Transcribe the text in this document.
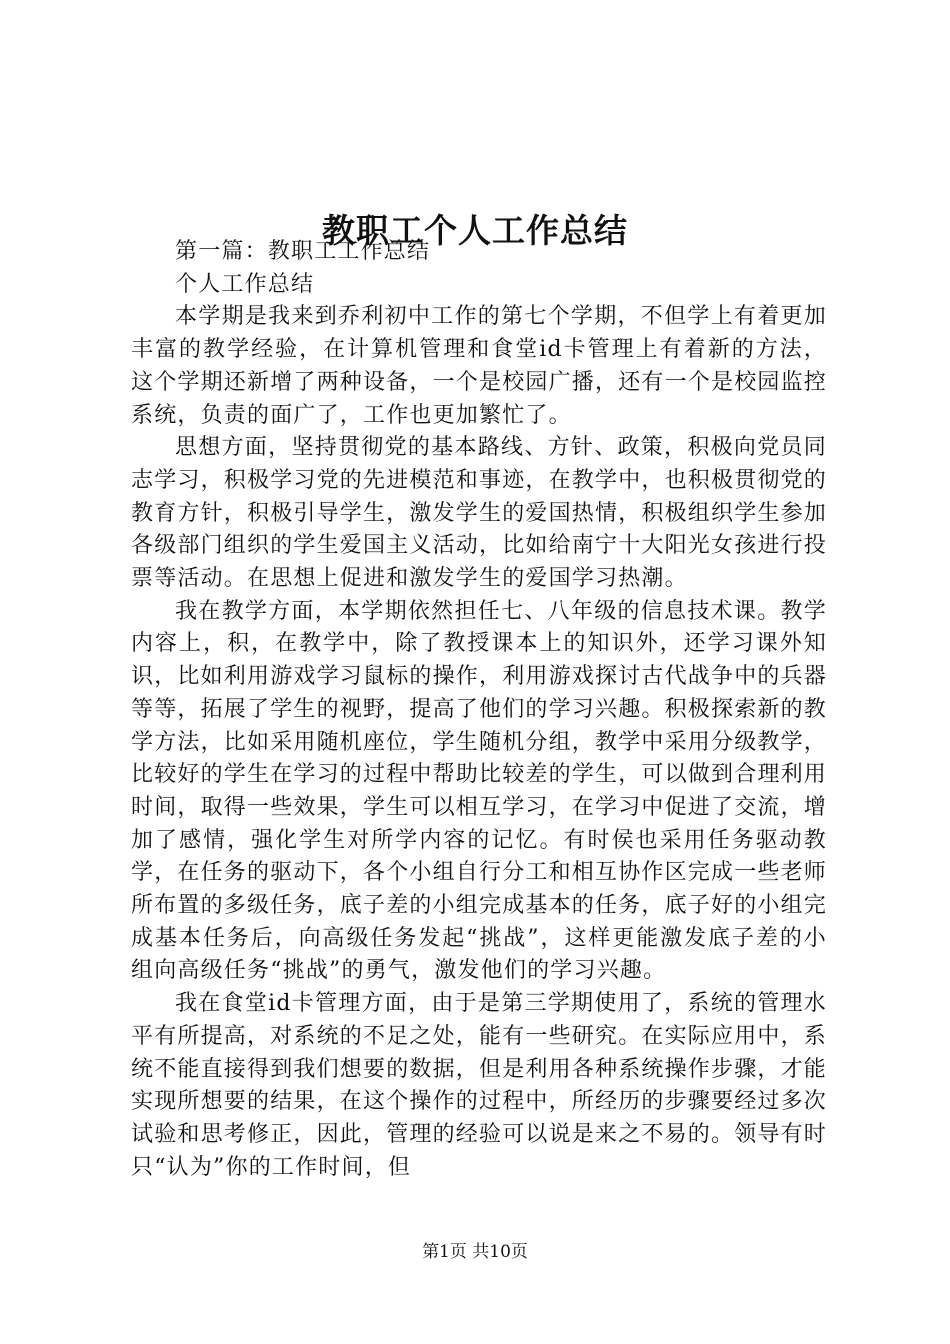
教职工个人工作总结

第一篇：教职工工作总结

个人工作总结

本学期是我来到乔利初中工作的第七个学期，不但学上有着更加丰富的教学经验，在计算机管理和食堂id卡管理上有着新的方法，这个学期还新增了两种设备，一个是校园广播，还有一个是校园监控系统，负责的面广了，工作也更加繁忙了。

思想方面，坚持贯彻党的基本路线、方针、政策，积极向党员同志学习，积极学习党的先进模范和事迹，在教学中，也积极贯彻党的教育方针，积极引导学生，激发学生的爱国热情，积极组织学生参加各级部门组织的学生爱国主义活动，比如给南宁十大阳光女孩进行投票等活动。在思想上促进和激发学生的爱国学习热潮。

我在教学方面，本学期依然担任七、八年级的信息技术课。教学内容上，积，在教学中，除了教授课本上的知识外，还学习课外知识，比如利用游戏学习鼠标的操作，利用游戏探讨古代战争中的兵器等等，拓展了学生的视野，提高了他们的学习兴趣。积极探索新的教学方法，比如采用随机座位，学生随机分组，教学中采用分级教学，比较好的学生在学习的过程中帮助比较差的学生，可以做到合理利用时间，取得一些效果，学生可以相互学习，在学习中促进了交流，增加了感情，强化学生对所学内容的记忆。有时侯也采用任务驱动教学，在任务的驱动下，各个小组自行分工和相互协作区完成一些老师所布置的多级任务，底子差的小组完成基本的任务，底子好的小组完成基本任务后，向高级任务发起“挑战”，这样更能激发底子差的小组向高级任务“挑战”的勇气，激发他们的学习兴趣。

我在食堂id卡管理方面，由于是第三学期使用了，系统的管理水平有所提高，对系统的不足之处，能有一些研究。在实际应用中，系统不能直接得到我们想要的数据，但是利用各种系统操作步骤，才能实现所想要的结果，在这个操作的过程中，所经历的步骤要经过多次试验和思考修正，因此，管理的经验可以说是来之不易的。领导有时只“认为”你的工作时间，但

第1页 共10页
